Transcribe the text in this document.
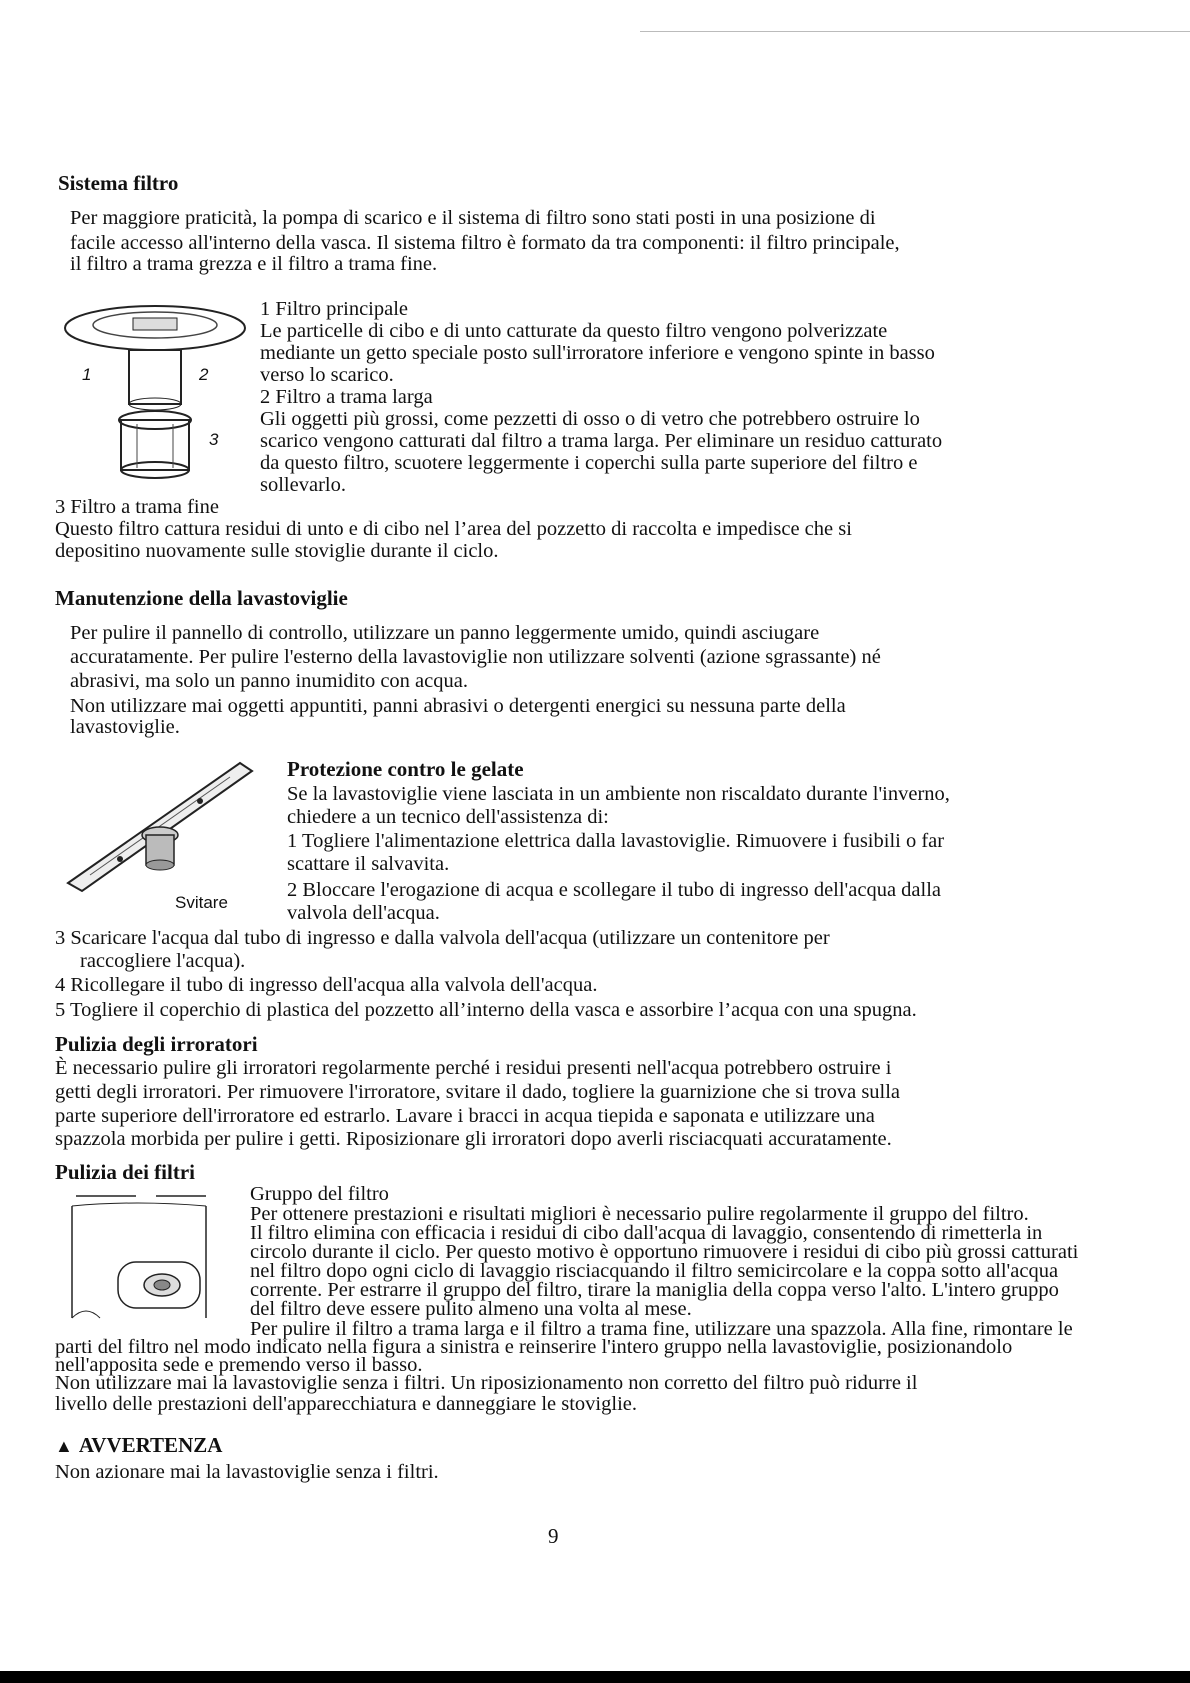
Sistema filtro

Per maggiore praticità, la pompa di scarico e il sistema di filtro sono stati posti in una posizione di

facile accesso all'interno della vasca. Il sistema filtro è formato da tra componenti: il filtro principale,

il filtro a trama grezza e il filtro a trama fine.

1	2
3

1 Filtro principale

Le particelle di cibo e di unto catturate da questo filtro vengono polverizzate

mediante un getto speciale posto sull'irroratore inferiore e vengono spinte in basso

verso lo scarico.

2 Filtro a trama larga

Gli oggetti più grossi, come pezzetti di osso o di vetro che potrebbero ostruire lo

scarico vengono catturati dal filtro a trama larga. Per eliminare un residuo catturato

da questo filtro, scuotere leggermente i coperchi sulla parte superiore del filtro e

sollevarlo.

3 Filtro a trama fine

Questo filtro cattura residui di unto e di cibo nel l’area del pozzetto di raccolta e impedisce che si

depositino nuovamente sulle stoviglie durante il ciclo.

Manutenzione della lavastoviglie

Per pulire il pannello di controllo, utilizzare un panno leggermente umido, quindi asciugare

accuratamente. Per pulire l'esterno della lavastoviglie non utilizzare solventi (azione sgrassante) né

abrasivi, ma solo un panno inumidito con acqua.

Non utilizzare mai oggetti appuntiti, panni abrasivi o detergenti energici su nessuna parte della

lavastoviglie.

Svitare
Protezione contro le gelate

Se la lavastoviglie viene lasciata in un ambiente non riscaldato durante l'inverno,

chiedere a un tecnico dell'assistenza di:

1 Togliere l'alimentazione elettrica dalla lavastoviglie. Rimuovere i fusibili o far

scattare il salvavita.

2 Bloccare l'erogazione di acqua e scollegare il tubo di ingresso dell'acqua dalla

valvola dell'acqua.

3 Scaricare l'acqua dal tubo di ingresso e dalla valvola dell'acqua (utilizzare un contenitore per

raccogliere l'acqua).

4 Ricollegare il tubo di ingresso dell'acqua alla valvola dell'acqua.

5 Togliere il coperchio di plastica del pozzetto all’interno della vasca e assorbire l’acqua con una spugna.

Pulizia degli irroratori

È necessario pulire gli irroratori regolarmente perché i residui presenti nell'acqua potrebbero ostruire i

getti degli irroratori. Per rimuovere l'irroratore, svitare il dado, togliere la guarnizione che si trova sulla

parte superiore dell'irroratore ed estrarlo. Lavare i bracci in acqua tiepida e saponata e utilizzare una

spazzola morbida per pulire i getti. Riposizionare gli irroratori dopo averli risciacquati accuratamente.

Pulizia dei filtri

Gruppo del filtro

Per ottenere prestazioni e risultati migliori è necessario pulire regolarmente il gruppo del filtro.

Il filtro elimina con efficacia i residui di cibo dall'acqua di lavaggio, consentendo di rimetterla in

circolo durante il ciclo. Per questo motivo è opportuno rimuovere i residui di cibo più grossi catturati

nel filtro dopo ogni ciclo di lavaggio risciacquando il filtro semicircolare e la coppa sotto all'acqua

corrente. Per estrarre il gruppo del filtro, tirare la maniglia della coppa verso l'alto. L'intero gruppo

del filtro deve essere pulito almeno una volta al mese.

Per pulire il filtro a trama larga e il filtro a trama fine, utilizzare una spazzola. Alla fine, rimontare le

parti del filtro nel modo indicato nella figura a sinistra e reinserire l'intero gruppo nella lavastoviglie, posizionandolo

nell'apposita sede e premendo verso il basso.

Non utilizzare mai la lavastoviglie senza i filtri. Un riposizionamento non corretto del filtro può ridurre il

livello delle prestazioni dell'apparecchiatura e danneggiare le stoviglie.

▲ AVVERTENZA

Non azionare mai la lavastoviglie senza i filtri.

9
